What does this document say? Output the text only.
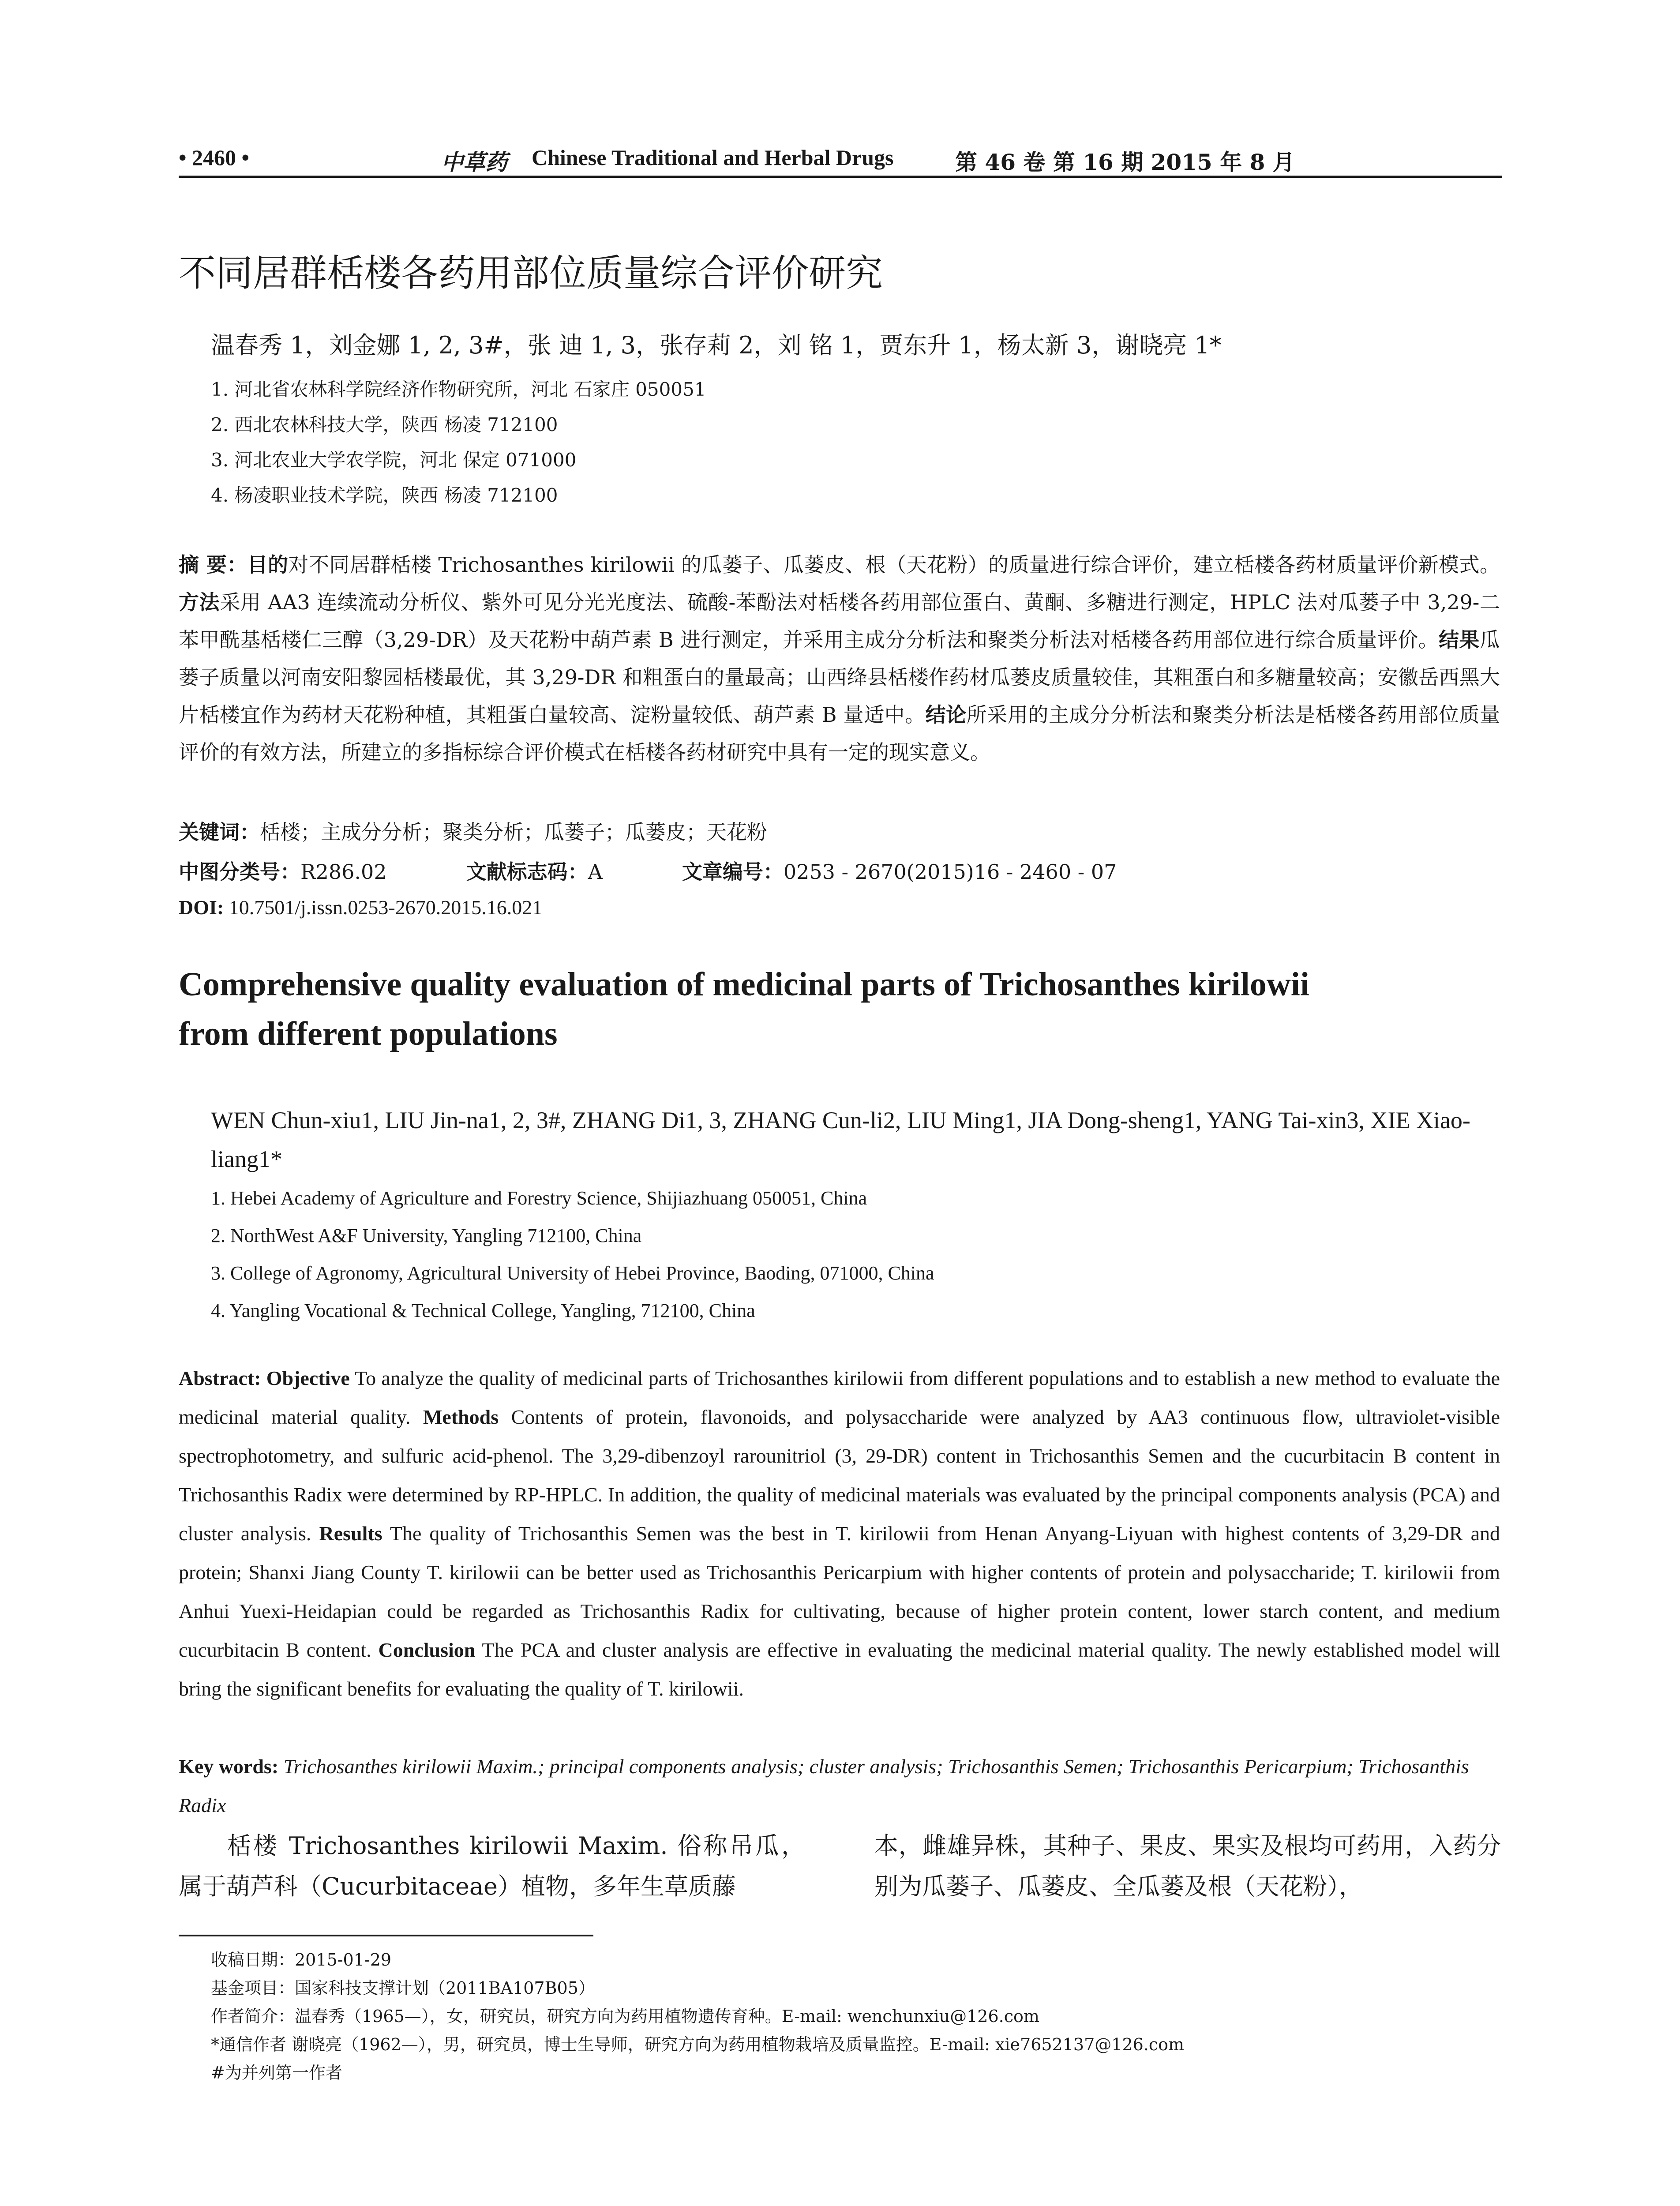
• 2460 •	中草药 Chinese Traditional and Herbal Drugs	第 46 卷 第 16 期 2015 年 8 月
不同居群栝楼各药用部位质量综合评价研究
温春秀 1，刘金娜 1, 2, 3#，张 迪 1, 3，张存莉 2，刘 铭 1，贾东升 1，杨太新 3，谢晓亮 1*
1. 河北省农林科学院经济作物研究所，河北 石家庄 050051
2. 西北农林科技大学，陕西 杨凌 712100
3. 河北农业大学农学院，河北 保定 071000
4. 杨凌职业技术学院，陕西 杨凌 712100
摘 要：目的对不同居群栝楼 Trichosanthes kirilowii 的瓜蒌子、瓜蒌皮、根（天花粉）的质量进行综合评价，建立栝楼各药材质量评价新模式。方法采用 AA3 连续流动分析仪、紫外可见分光光度法、硫酸-苯酚法对栝楼各药用部位蛋白、黄酮、多糖进行测定，HPLC 法对瓜蒌子中 3,29-二苯甲酰基栝楼仁三醇（3,29-DR）及天花粉中葫芦素 B 进行测定，并采用主成分分析法和聚类分析法对栝楼各药用部位进行综合质量评价。结果瓜蒌子质量以河南安阳黎园栝楼最优，其 3,29-DR 和粗蛋白的量最高；山西绛县栝楼作药材瓜蒌皮质量较佳，其粗蛋白和多糖量较高；安徽岳西黑大片栝楼宜作为药材天花粉种植，其粗蛋白量较高、淀粉量较低、葫芦素 B 量适中。结论所采用的主成分分析法和聚类分析法是栝楼各药用部位质量评价的有效方法，所建立的多指标综合评价模式在栝楼各药材研究中具有一定的现实意义。
关键词：栝楼；主成分分析；聚类分析；瓜蒌子；瓜蒌皮；天花粉
中图分类号：R286.02	文献标志码：A	文章编号：0253 - 2670(2015)16 - 2460 - 07
DOI: 10.7501/j.issn.0253-2670.2015.16.021
Comprehensive quality evaluation of medicinal parts of Trichosanthes kirilowii
from different populations
WEN Chun-xiu1, LIU Jin-na1, 2, 3#, ZHANG Di1, 3, ZHANG Cun-li2, LIU Ming1, JIA Dong-sheng1, YANG Tai-xin3, XIE Xiao-liang1*
1. Hebei Academy of Agriculture and Forestry Science, Shijiazhuang 050051, China
2. NorthWest A&F University, Yangling 712100, China
3. College of Agronomy, Agricultural University of Hebei Province, Baoding, 071000, China
4. Yangling Vocational & Technical College, Yangling, 712100, China
Abstract: Objective To analyze the quality of medicinal parts of Trichosanthes kirilowii from different populations and to establish a new method to evaluate the medicinal material quality. Methods Contents of protein, flavonoids, and polysaccharide were analyzed by AA3 continuous flow, ultraviolet-visible spectrophotometry, and sulfuric acid-phenol. The 3,29-dibenzoyl rarounitriol (3, 29-DR) content in Trichosanthis Semen and the cucurbitacin B content in Trichosanthis Radix were determined by RP-HPLC. In addition, the quality of medicinal materials was evaluated by the principal components analysis (PCA) and cluster analysis. Results The quality of Trichosanthis Semen was the best in T. kirilowii from Henan Anyang-Liyuan with highest contents of 3,29-DR and protein; Shanxi Jiang County T. kirilowii can be better used as Trichosanthis Pericarpium with higher contents of protein and polysaccharide; T. kirilowii from Anhui Yuexi-Heidapian could be regarded as Trichosanthis Radix for cultivating, because of higher protein content, lower starch content, and medium cucurbitacin B content. Conclusion The PCA and cluster analysis are effective in evaluating the medicinal material quality. The newly established model will bring the significant benefits for evaluating the quality of T. kirilowii.
Key words: Trichosanthes kirilowii Maxim.; principal components analysis; cluster analysis; Trichosanthis Semen; Trichosanthis Pericarpium; Trichosanthis Radix
栝楼 Trichosanthes kirilowii Maxim. 俗称吊瓜，属于葫芦科（Cucurbitaceae）植物，多年生草质藤
本，雌雄异株，其种子、果皮、果实及根均可药用，入药分别为瓜蒌子、瓜蒌皮、全瓜蒌及根（天花粉），
收稿日期：2015-01-29
基金项目：国家科技支撑计划（2011BA107B05）
作者简介：温春秀（1965—），女，研究员，研究方向为药用植物遗传育种。E-mail: wenchunxiu@126.com
*通信作者 谢晓亮（1962—），男，研究员，博士生导师，研究方向为药用植物栽培及质量监控。E-mail: xie7652137@126.com
#为并列第一作者
